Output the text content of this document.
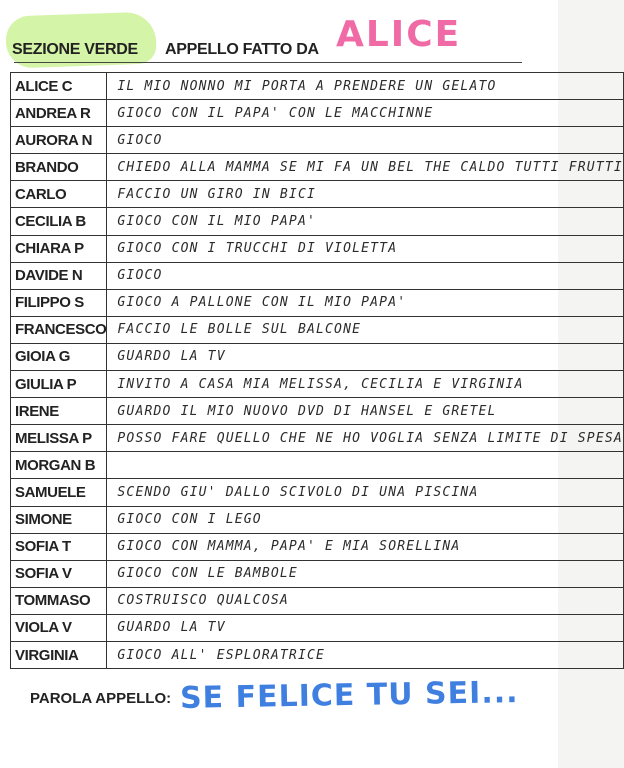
SEZIONE VERDE APPELLO FATTO DA ALICE
ALICE C	IL MIO NONNO MI PORTA A PRENDERE UN GELATO
ANDREA R	GIOCO CON IL PAPA' CON LE MACCHINNE
AURORA N	GIOCO
BRANDO	CHIEDO ALLA MAMMA SE MI FA UN BEL THE CALDO TUTTI FRUTTI
CARLO	FACCIO UN GIRO IN BICI
CECILIA B	GIOCO CON IL MIO PAPA'
CHIARA P	GIOCO CON I TRUCCHI DI VIOLETTA
DAVIDE N	GIOCO
FILIPPO S	GIOCO A PALLONE CON IL MIO PAPA'
FRANCESCO	FACCIO LE BOLLE SUL BALCONE
GIOIA G	GUARDO LA TV
GIULIA P	INVITO A CASA MIA MELISSA, CECILIA E VIRGINIA
IRENE	GUARDO IL MIO NUOVO DVD DI HANSEL E GRETEL
MELISSA P	POSSO FARE QUELLO CHE NE HO VOGLIA SENZA LIMITE DI SPESA
MORGAN B	
SAMUELE	SCENDO GIU' DALLO SCIVOLO DI UNA PISCINA
SIMONE	GIOCO CON I LEGO
SOFIA T	GIOCO CON MAMMA, PAPA' E MIA SORELLINA
SOFIA V	GIOCO CON LE BAMBOLE
TOMMASO	COSTRUISCO QUALCOSA
VIOLA V	GUARDO LA TV
VIRGINIA	GIOCO ALL' ESPLORATRICE
PAROLA APPELLO: SE FELICE TU SEI...
